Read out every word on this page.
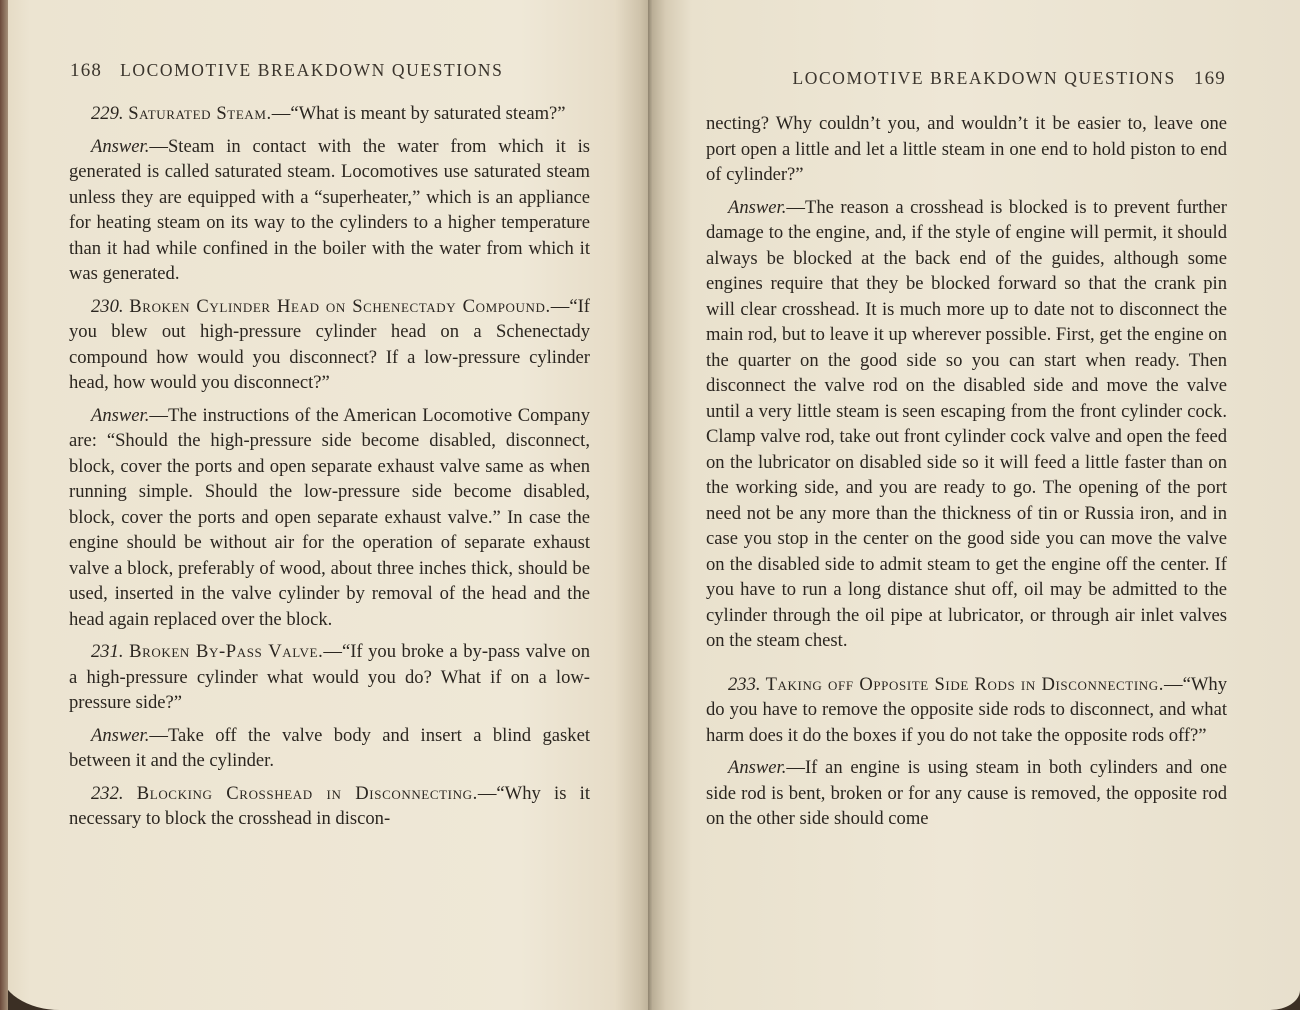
168 LOCOMOTIVE BREAKDOWN QUESTIONS

229. Saturated Steam.—“What is meant by saturated steam?”

Answer.—Steam in contact with the water from which it is generated is called saturated steam. Locomotives use saturated steam unless they are equipped with a “superheater,” which is an appliance for heating steam on its way to the cylinders to a higher temperature than it had while confined in the boiler with the water from which it was generated.

230. Broken Cylinder Head on Schenectady Compound.—“If you blew out high-pressure cylinder head on a Schenectady compound how would you disconnect? If a low-pressure cylinder head, how would you disconnect?”

Answer.—The instructions of the American Locomotive Company are: “Should the high-pressure side become disabled, disconnect, block, cover the ports and open separate exhaust valve same as when running simple. Should the low-pressure side become disabled, block, cover the ports and open separate exhaust valve.” In case the engine should be without air for the operation of separate exhaust valve a block, preferably of wood, about three inches thick, should be used, inserted in the valve cylinder by removal of the head and the head again replaced over the block.

231. Broken By-Pass Valve.—“If you broke a by-pass valve on a high-pressure cylinder what would you do? What if on a low-pressure side?”

Answer.—Take off the valve body and insert a blind gasket between it and the cylinder.

232. Blocking Crosshead in Disconnecting.—“Why is it necessary to block the crosshead in discon-

LOCOMOTIVE BREAKDOWN QUESTIONS 169

necting? Why couldn’t you, and wouldn’t it be easier to, leave one port open a little and let a little steam in one end to hold piston to end of cylinder?”

Answer.—The reason a crosshead is blocked is to prevent further damage to the engine, and, if the style of engine will permit, it should always be blocked at the back end of the guides, although some engines require that they be blocked forward so that the crank pin will clear crosshead. It is much more up to date not to disconnect the main rod, but to leave it up wherever possible. First, get the engine on the quarter on the good side so you can start when ready. Then disconnect the valve rod on the disabled side and move the valve until a very little steam is seen escaping from the front cylinder cock. Clamp valve rod, take out front cylinder cock valve and open the feed on the lubricator on disabled side so it will feed a little faster than on the working side, and you are ready to go. The opening of the port need not be any more than the thickness of tin or Russia iron, and in case you stop in the center on the good side you can move the valve on the disabled side to admit steam to get the engine off the center. If you have to run a long distance shut off, oil may be admitted to the cylinder through the oil pipe at lubricator, or through air inlet valves on the steam chest.

233. Taking off Opposite Side Rods in Disconnecting.—“Why do you have to remove the opposite side rods to disconnect, and what harm does it do the boxes if you do not take the opposite rods off?”

Answer.—If an engine is using steam in both cylinders and one side rod is bent, broken or for any cause is removed, the opposite rod on the other side should come
